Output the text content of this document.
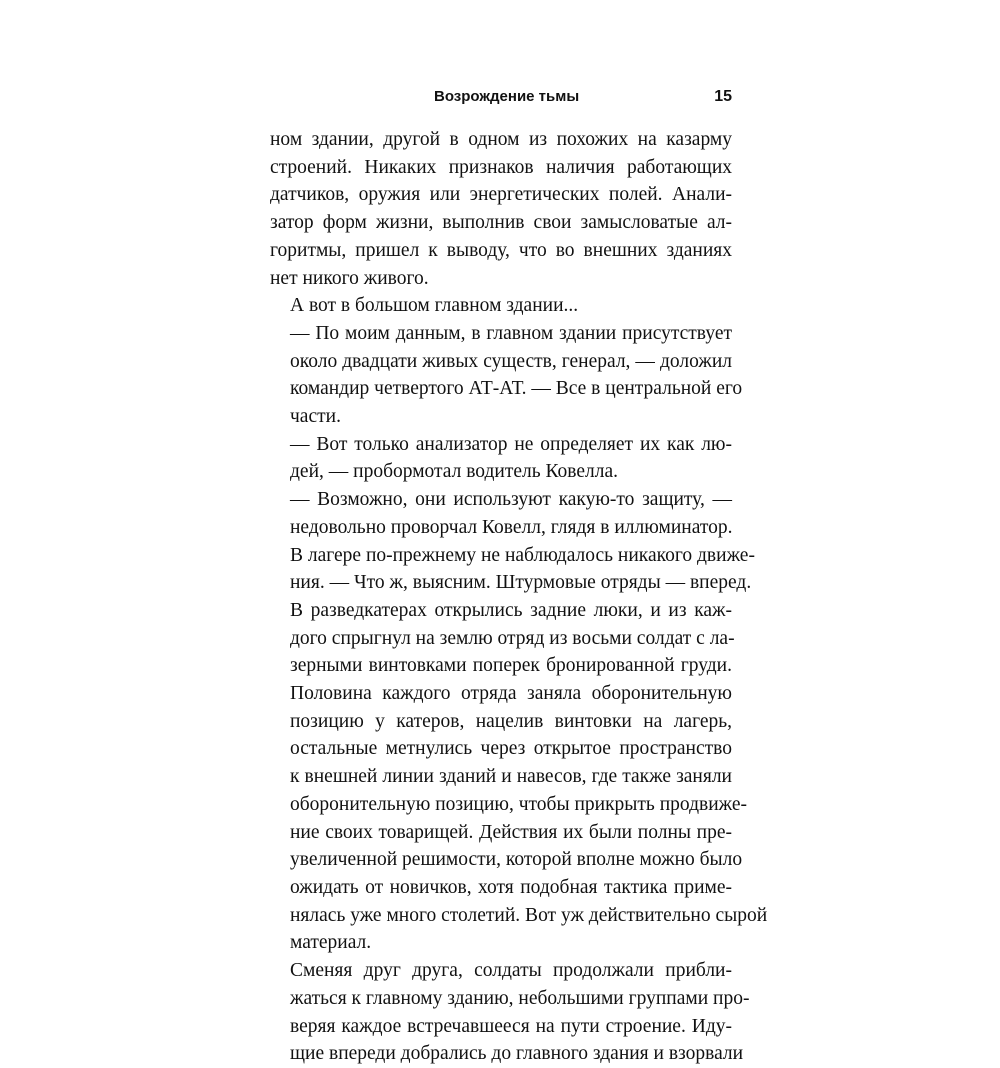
Возрождение тьмы	15

ном здании, другой в одном из похожих на казарму
строений. Никаких признаков наличия работающих
датчиков, оружия или энергетических полей. Анали-
затор форм жизни, выполнив свои замысловатые ал-
горитмы, пришел к выводу, что во внешних зданиях
нет никого живого.

А вот в большом главном здании...

— По моим данным, в главном здании присутствует
около двадцати живых существ, генерал, — доложил
командир четвертого АТ-АТ. — Все в центральной его
части.

— Вот только анализатор не определяет их как лю-
дей, — пробормотал водитель Ковелла.

— Возможно, они используют какую-то защиту, —
недовольно проворчал Ковелл, глядя в иллюминатор.
В лагере по-прежнему не наблюдалось никакого движе-
ния. — Что ж, выясним. Штурмовые отряды — вперед.

В разведкатерах открылись задние люки, и из каж-
дого спрыгнул на землю отряд из восьми солдат с ла-
зерными винтовками поперек бронированной груди.
Половина каждого отряда заняла оборонительную
позицию у катеров, нацелив винтовки на лагерь,
остальные метнулись через открытое пространство
к внешней линии зданий и навесов, где также заняли
оборонительную позицию, чтобы прикрыть продвиже-
ние своих товарищей. Действия их были полны пре-
увеличенной решимости, которой вполне можно было
ожидать от новичков, хотя подобная тактика приме-
нялась уже много столетий. Вот уж действительно сырой
материал.

Сменяя друг друга, солдаты продолжали прибли-
жаться к главному зданию, небольшими группами про-
веряя каждое встречавшееся на пути строение. Иду-
щие впереди добрались до главного здания и взорвали
